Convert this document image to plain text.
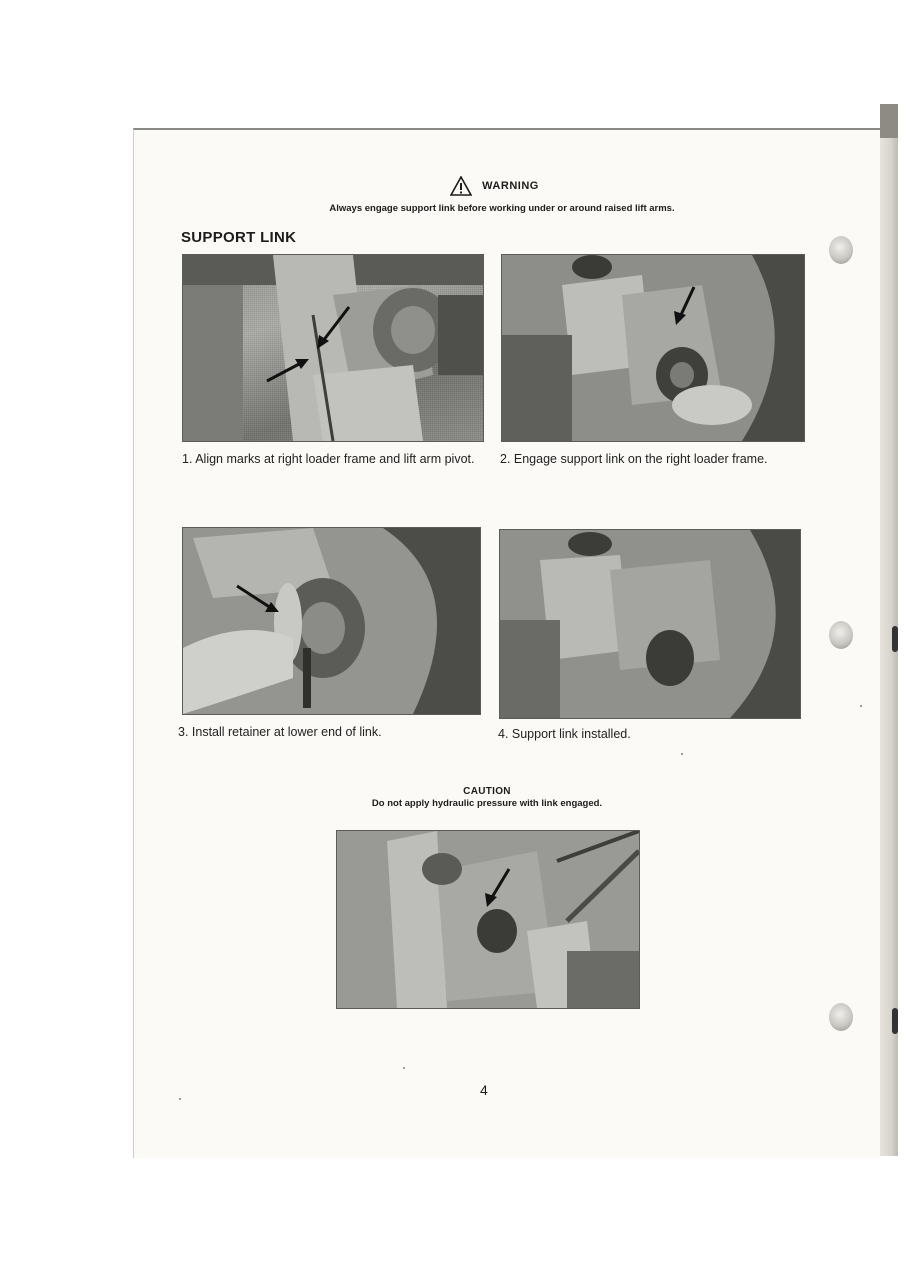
WARNING
Always engage support link before working under or around raised lift arms.
SUPPORT LINK
1. Align marks at right loader frame and lift arm pivot.	2. Engage support link on the right loader frame.
3. Install retainer at lower end of link.	4. Support link installed.
CAUTION
Do not apply hydraulic pressure with link engaged.
4
